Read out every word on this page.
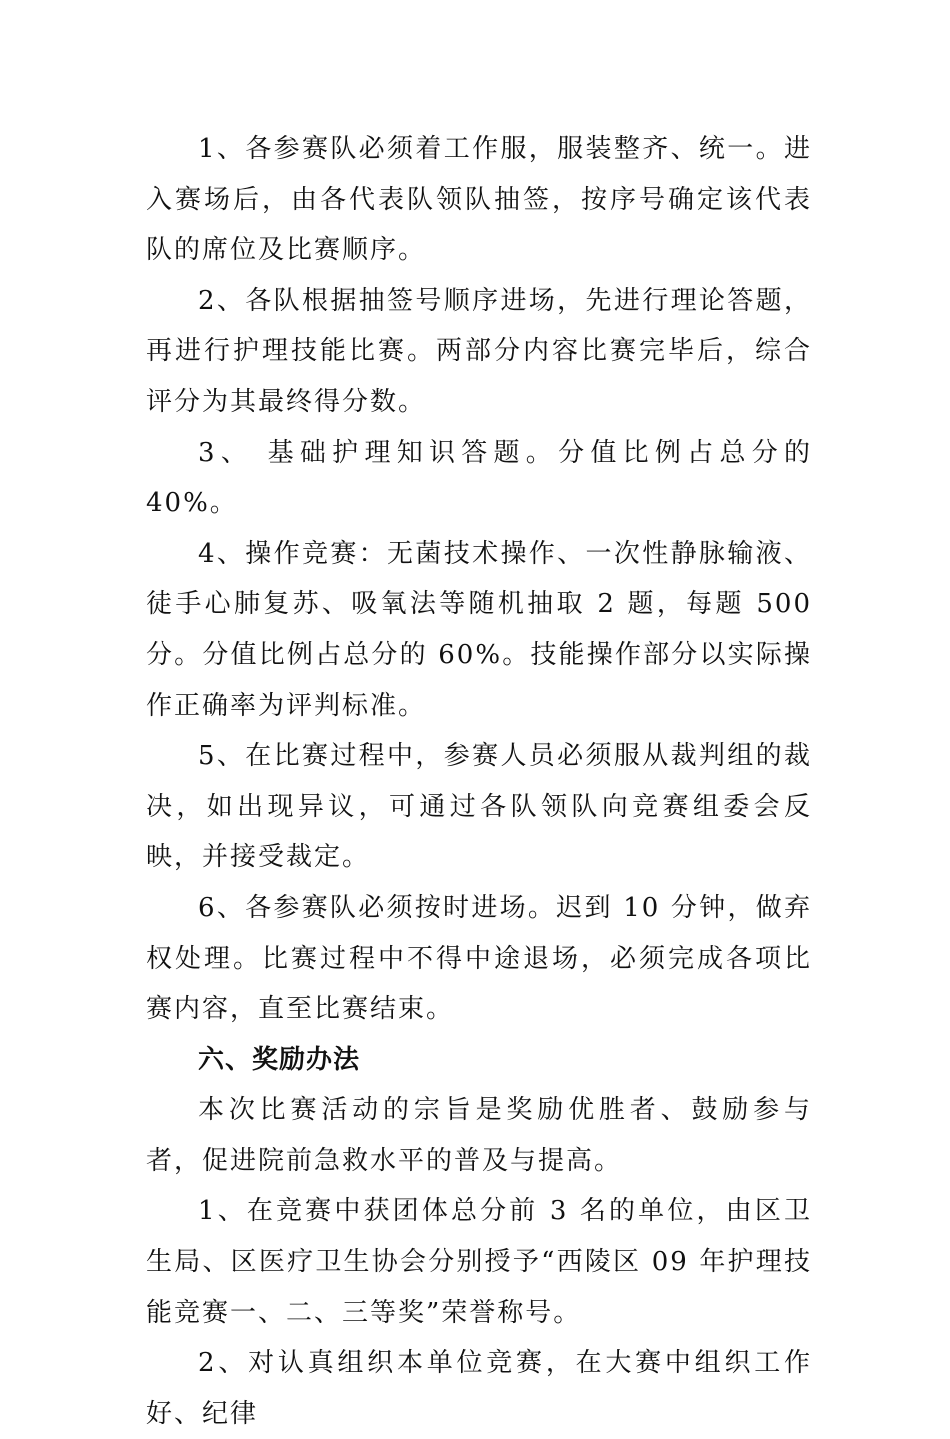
1、各参赛队必须着工作服，服装整齐、统一。进入赛场后，由各代表队领队抽签，按序号确定该代表队的席位及比赛顺序。

2、各队根据抽签号顺序进场，先进行理论答题，再进行护理技能比赛。两部分内容比赛完毕后，综合评分为其最终得分数。

3、 基础护理知识答题。分值比例占总分的 40%。

4、操作竞赛：无菌技术操作、一次性静脉输液、 徒手心肺复苏、吸氧法等随机抽取 2 题，每题 500 分。分值比例占总分的 60%。技能操作部分以实际操作正确率为评判标准。

5、在比赛过程中，参赛人员必须服从裁判组的裁决，如出现异议，可通过各队领队向竞赛组委会反映，并接受裁定。

6、各参赛队必须按时进场。迟到 10 分钟，做弃权处理。比赛过程中不得中途退场，必须完成各项比赛内容，直至比赛结束。

六、奖励办法

本次比赛活动的宗旨是奖励优胜者、鼓励参与者，促进院前急救水平的普及与提高。

1、在竞赛中获团体总分前 3 名的单位，由区卫生局、区医疗卫生协会分别授予“西陵区 09 年护理技能竞赛一、二、三等奖”荣誉称号。

2、对认真组织本单位竞赛，在大赛中组织工作好、纪律
